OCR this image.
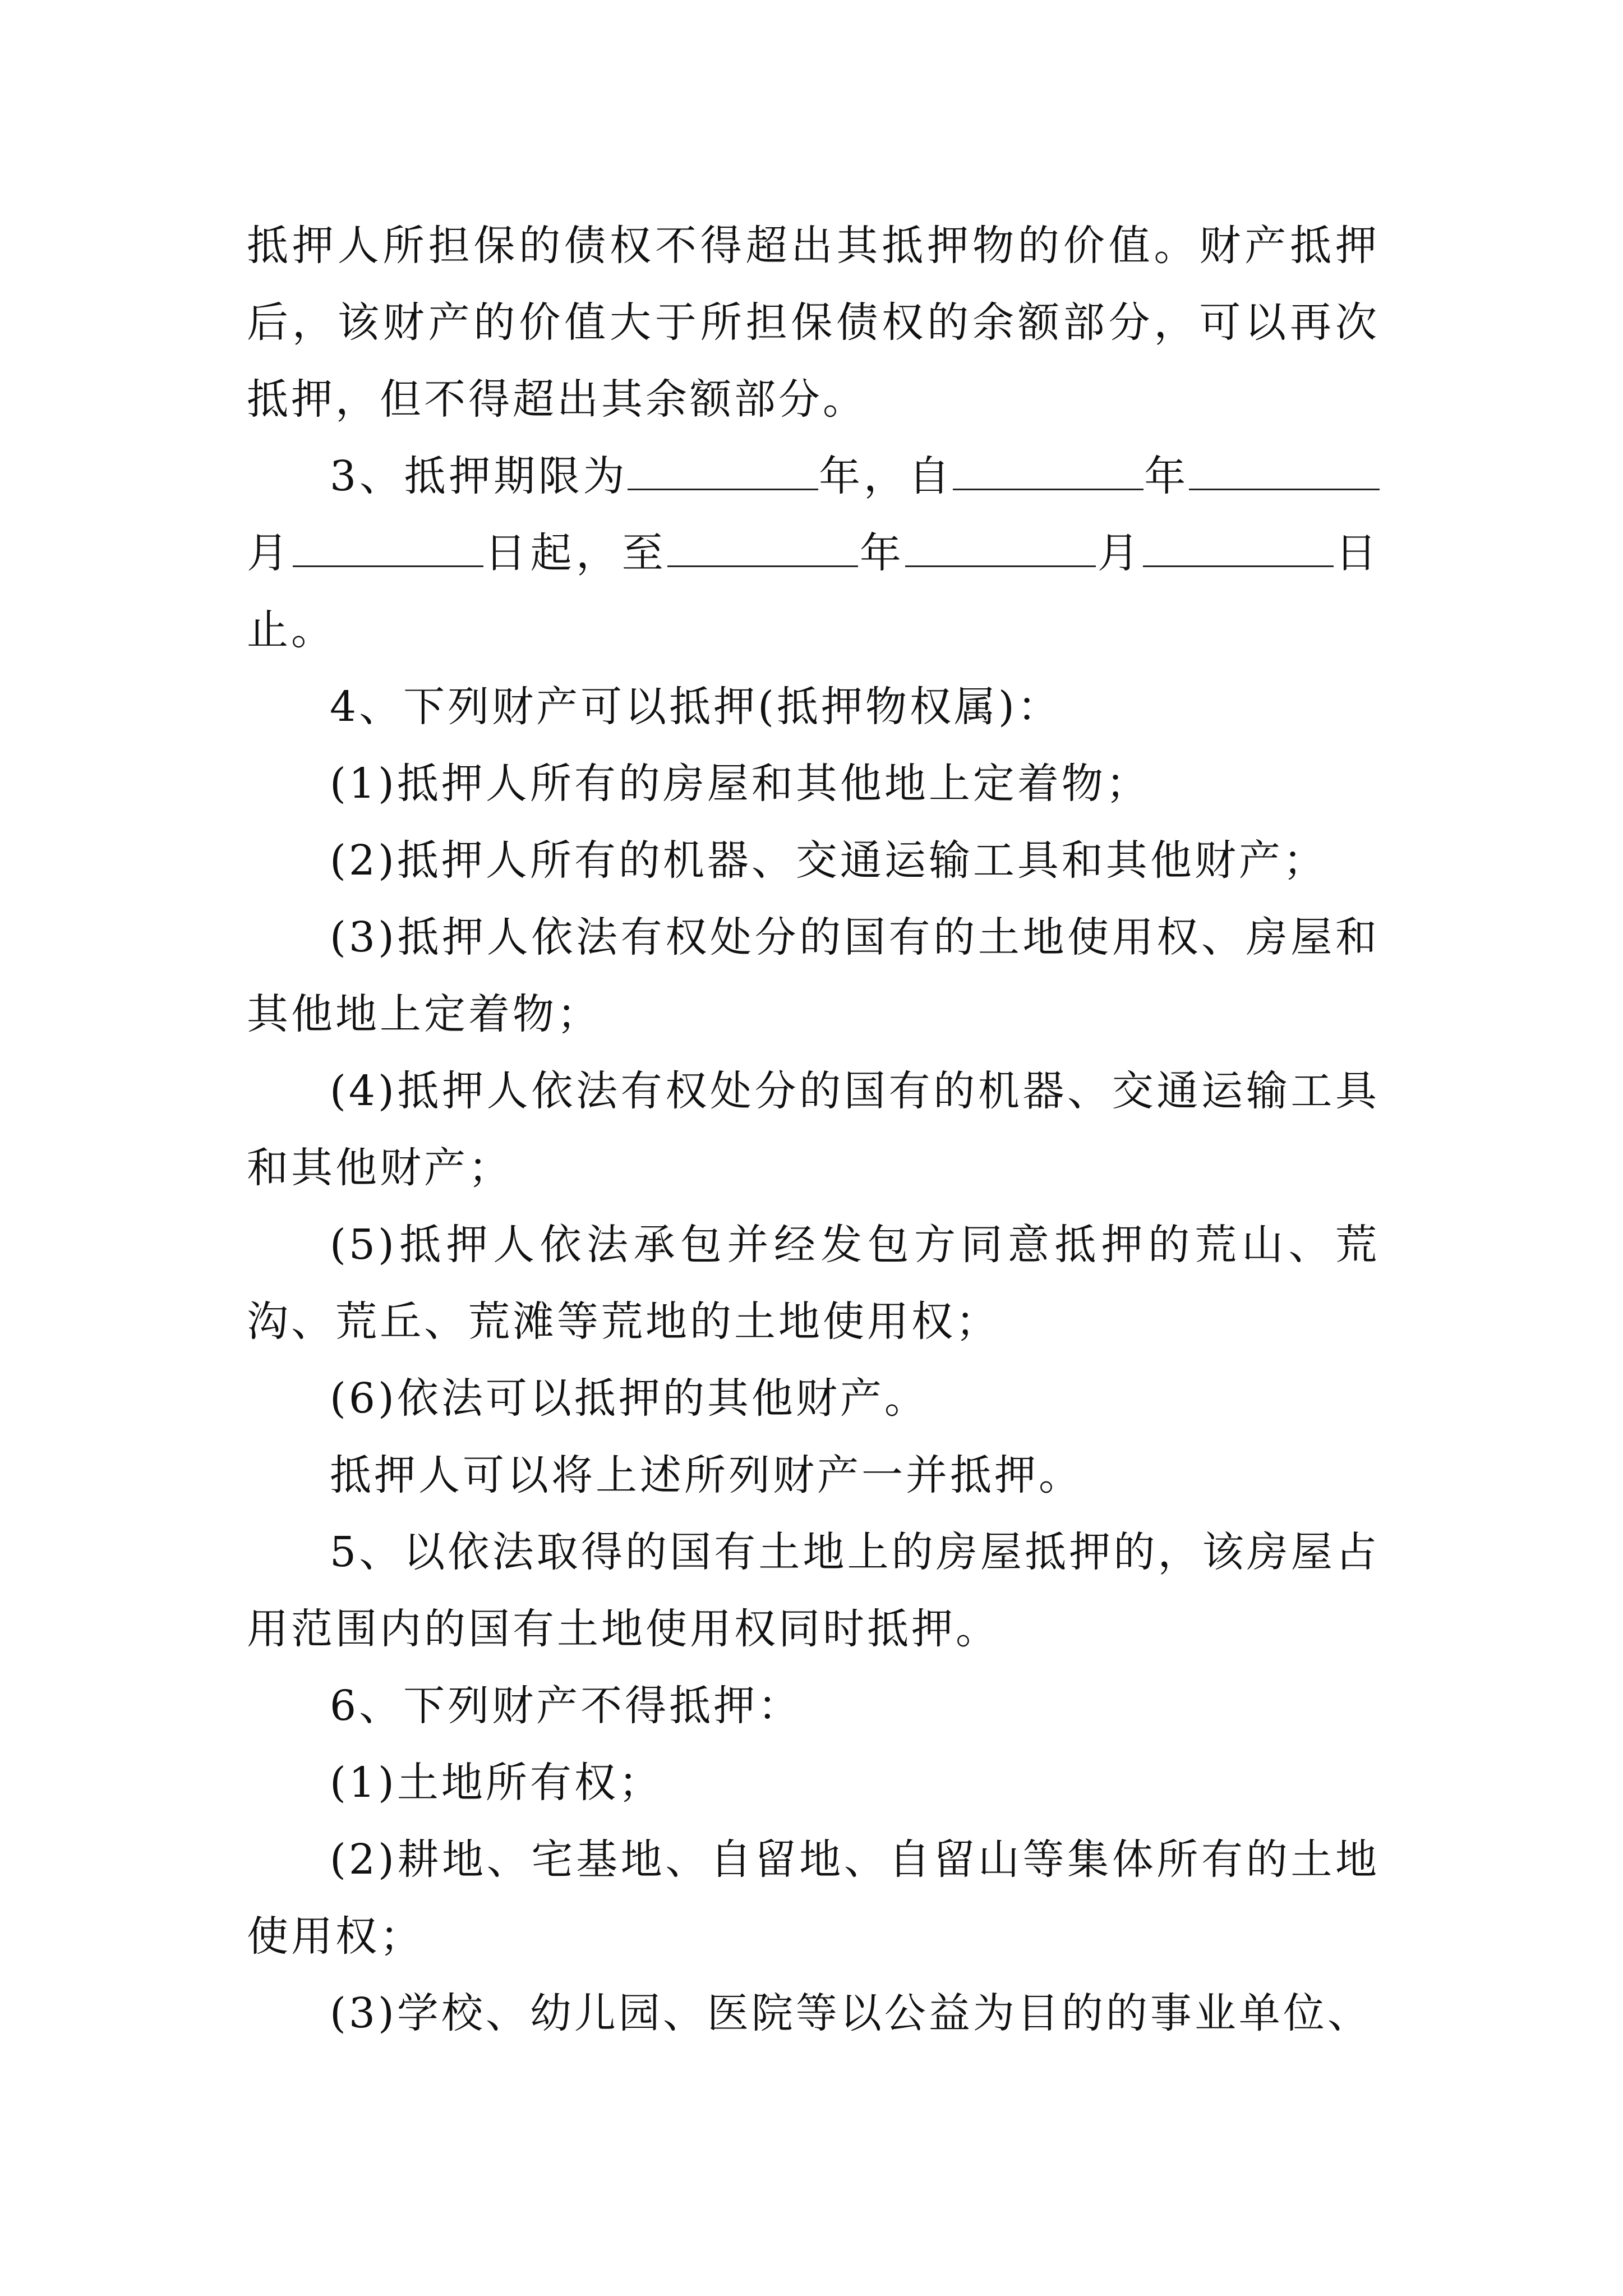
抵押人所担保的债权不得超出其抵押物的价值。财产抵押后，该财产的价值大于所担保债权的余额部分，可以再次抵押，但不得超出其余额部分。

3、抵押期限为	年，自	年月	日起，至	年	月	日止。

4、下列财产可以抵押(抵押物权属)：

(1)抵押人所有的房屋和其他地上定着物；

(2)抵押人所有的机器、交通运输工具和其他财产；

(3)抵押人依法有权处分的国有的土地使用权、房屋和其他地上定着物；

(4)抵押人依法有权处分的国有的机器、交通运输工具和其他财产；

(5)抵押人依法承包并经发包方同意抵押的荒山、荒沟、荒丘、荒滩等荒地的土地使用权；

(6)依法可以抵押的其他财产。

抵押人可以将上述所列财产一并抵押。

5、以依法取得的国有土地上的房屋抵押的，该房屋占用范围内的国有土地使用权同时抵押。

6、下列财产不得抵押：

(1)土地所有权；

(2)耕地、宅基地、自留地、自留山等集体所有的土地使用权；

(3)学校、幼儿园、医院等以公益为目的的事业单位、
